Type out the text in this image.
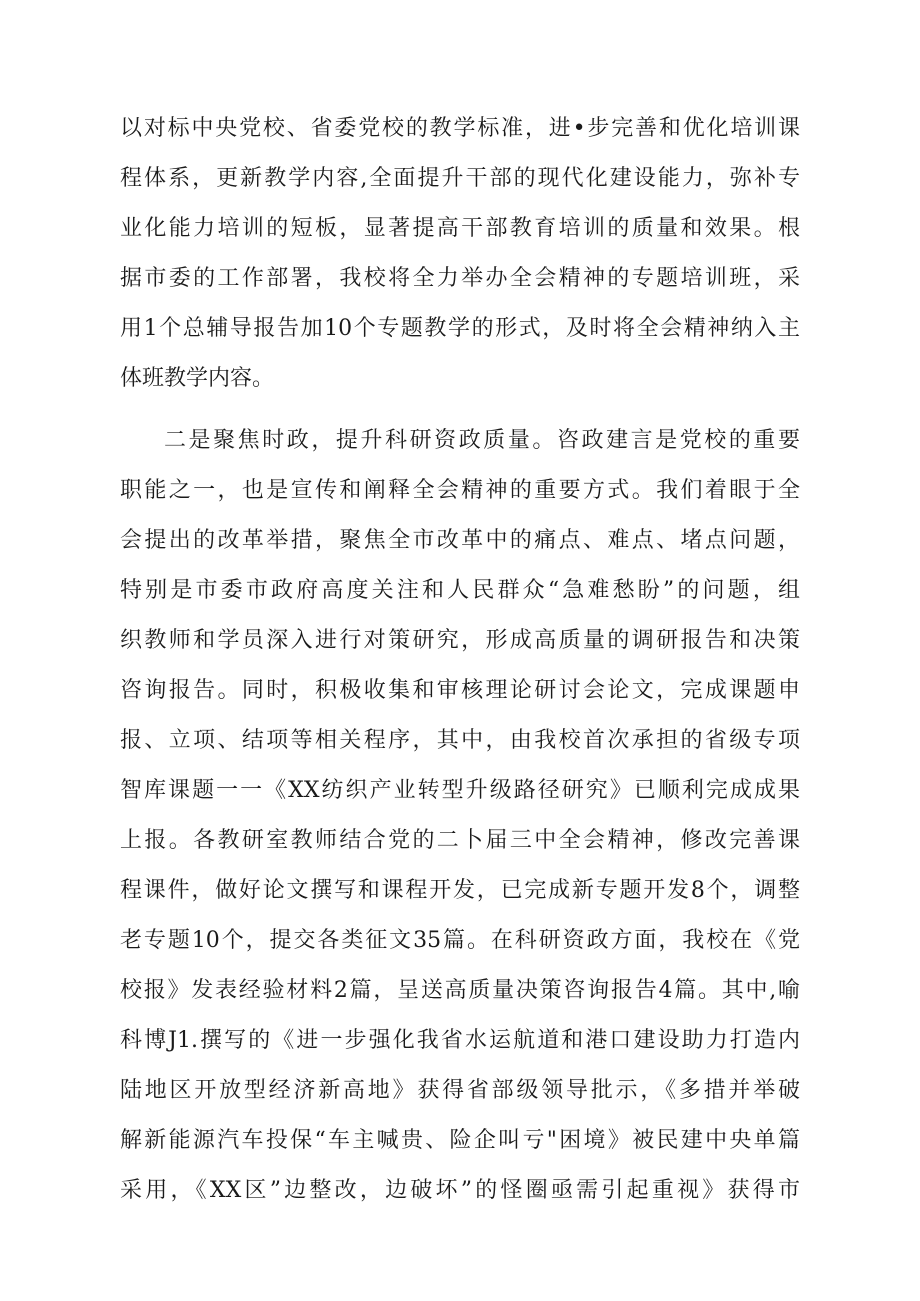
以对标中央党校、省委党校的教学标准，进•步完善和优化培训课
程体系，更新教学内容,全面提升干部的现代化建设能力，弥补专
业化能力培训的短板，显著提高干部教育培训的质量和效果。根
据市委的工作部署，我校将全力举办全会精神的专题培训班，采
用1个总辅导报告加10个专题教学的形式，及时将全会精神纳入主
体班教学内容。
二是聚焦时政，提升科研资政质量。咨政建言是党校的重要
职能之一，也是宣传和阐释全会精神的重要方式。我们着眼于全
会提出的改革举措，聚焦全市改革中的痛点、难点、堵点问题，
特别是市委市政府高度关注和人民群众“急难愁盼”的问题，组
织教师和学员深入进行对策研究，形成高质量的调研报告和决策
咨询报告。同时，积极收集和审核理论研讨会论文，完成课题申
报、立项、结项等相关程序，其中，由我校首次承担的省级专项
智库课题一一《XX纺织产业转型升级路径研究》已顺利完成成果
上报。各教研室教师结合党的二卜届三中全会精神，修改完善课
程课件，做好论文撰写和课程开发，已完成新专题开发8个，调整
老专题10个，提交各类征文35篇。在科研资政方面，我校在《党
校报》发表经验材料2篇，呈送高质量决策咨询报告4篇。其中,喻
科博J1.撰写的《进一步强化我省水运航道和港口建设助力打造内
陆地区开放型经济新高地》获得省部级领导批示，《多措并举破
解新能源汽车投保“车主喊贵、险企叫亏"困境》被民建中央单篇
采用，《XX区”边整改，边破坏”的怪圈亟需引起重视》获得市
